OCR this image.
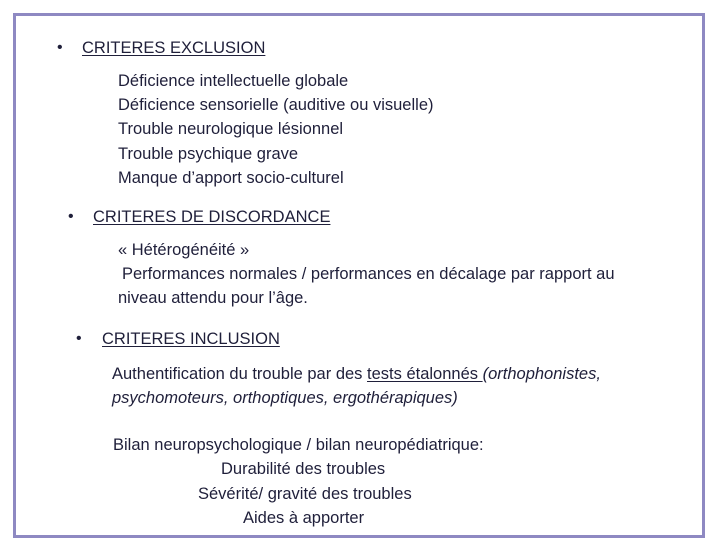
• CRITERES EXCLUSION
Déficience intellectuelle globale
Déficience sensorielle (auditive ou visuelle)
Trouble neurologique lésionnel
Trouble psychique grave
Manque d’apport socio-culturel
• CRITERES DE DISCORDANCE
« Hétérogénéité »
Performances normales / performances en décalage par rapport au
niveau attendu pour l’âge.
• CRITERES INCLUSION
Authentification du trouble par des tests étalonnés (orthophonistes,
psychomoteurs, orthoptiques, ergothérapiques)
Bilan neuropsychologique / bilan neuropédiatrique:
Durabilité des troubles
Sévérité/ gravité des troubles
Aides à apporter
